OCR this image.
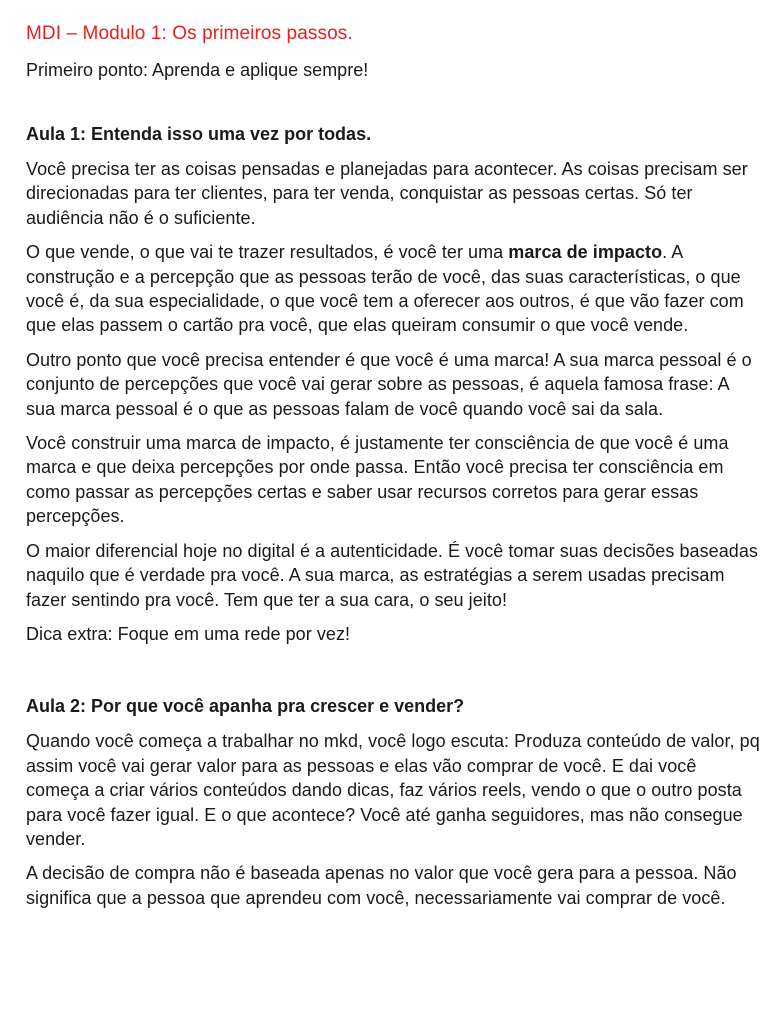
MDI – Modulo 1: Os primeiros passos.

Primeiro ponto: Aprenda e aplique sempre!

Aula 1: Entenda isso uma vez por todas.

Você precisa ter as coisas pensadas e planejadas para acontecer. As coisas precisam ser direcionadas para ter clientes, para ter venda, conquistar as pessoas certas. Só ter audiência não é o suficiente.

O que vende, o que vai te trazer resultados, é você ter uma marca de impacto. A construção e a percepção que as pessoas terão de você, das suas características, o que você é, da sua especialidade, o que você tem a oferecer aos outros, é que vão fazer com que elas passem o cartão pra você, que elas queiram consumir o que você vende.

Outro ponto que você precisa entender é que você é uma marca! A sua marca pessoal é o conjunto de percepções que você vai gerar sobre as pessoas, é aquela famosa frase: A sua marca pessoal é o que as pessoas falam de você quando você sai da sala.

Você construir uma marca de impacto, é justamente ter consciência de que você é uma marca e que deixa percepções por onde passa. Então você precisa ter consciência em como passar as percepções certas e saber usar recursos corretos para gerar essas percepções.

O maior diferencial hoje no digital é a autenticidade. É você tomar suas decisões baseadas naquilo que é verdade pra você. A sua marca, as estratégias a serem usadas precisam fazer sentindo pra você. Tem que ter a sua cara, o seu jeito!

Dica extra: Foque em uma rede por vez!

Aula 2: Por que você apanha pra crescer e vender?

Quando você começa a trabalhar no mkd, você logo escuta: Produza conteúdo de valor, pq assim você vai gerar valor para as pessoas e elas vão comprar de você. E dai você começa a criar vários conteúdos dando dicas, faz vários reels, vendo o que o outro posta para você fazer igual. E o que acontece? Você até ganha seguidores, mas não consegue vender.

A decisão de compra não é baseada apenas no valor que você gera para a pessoa. Não significa que a pessoa que aprendeu com você, necessariamente vai comprar de você.
